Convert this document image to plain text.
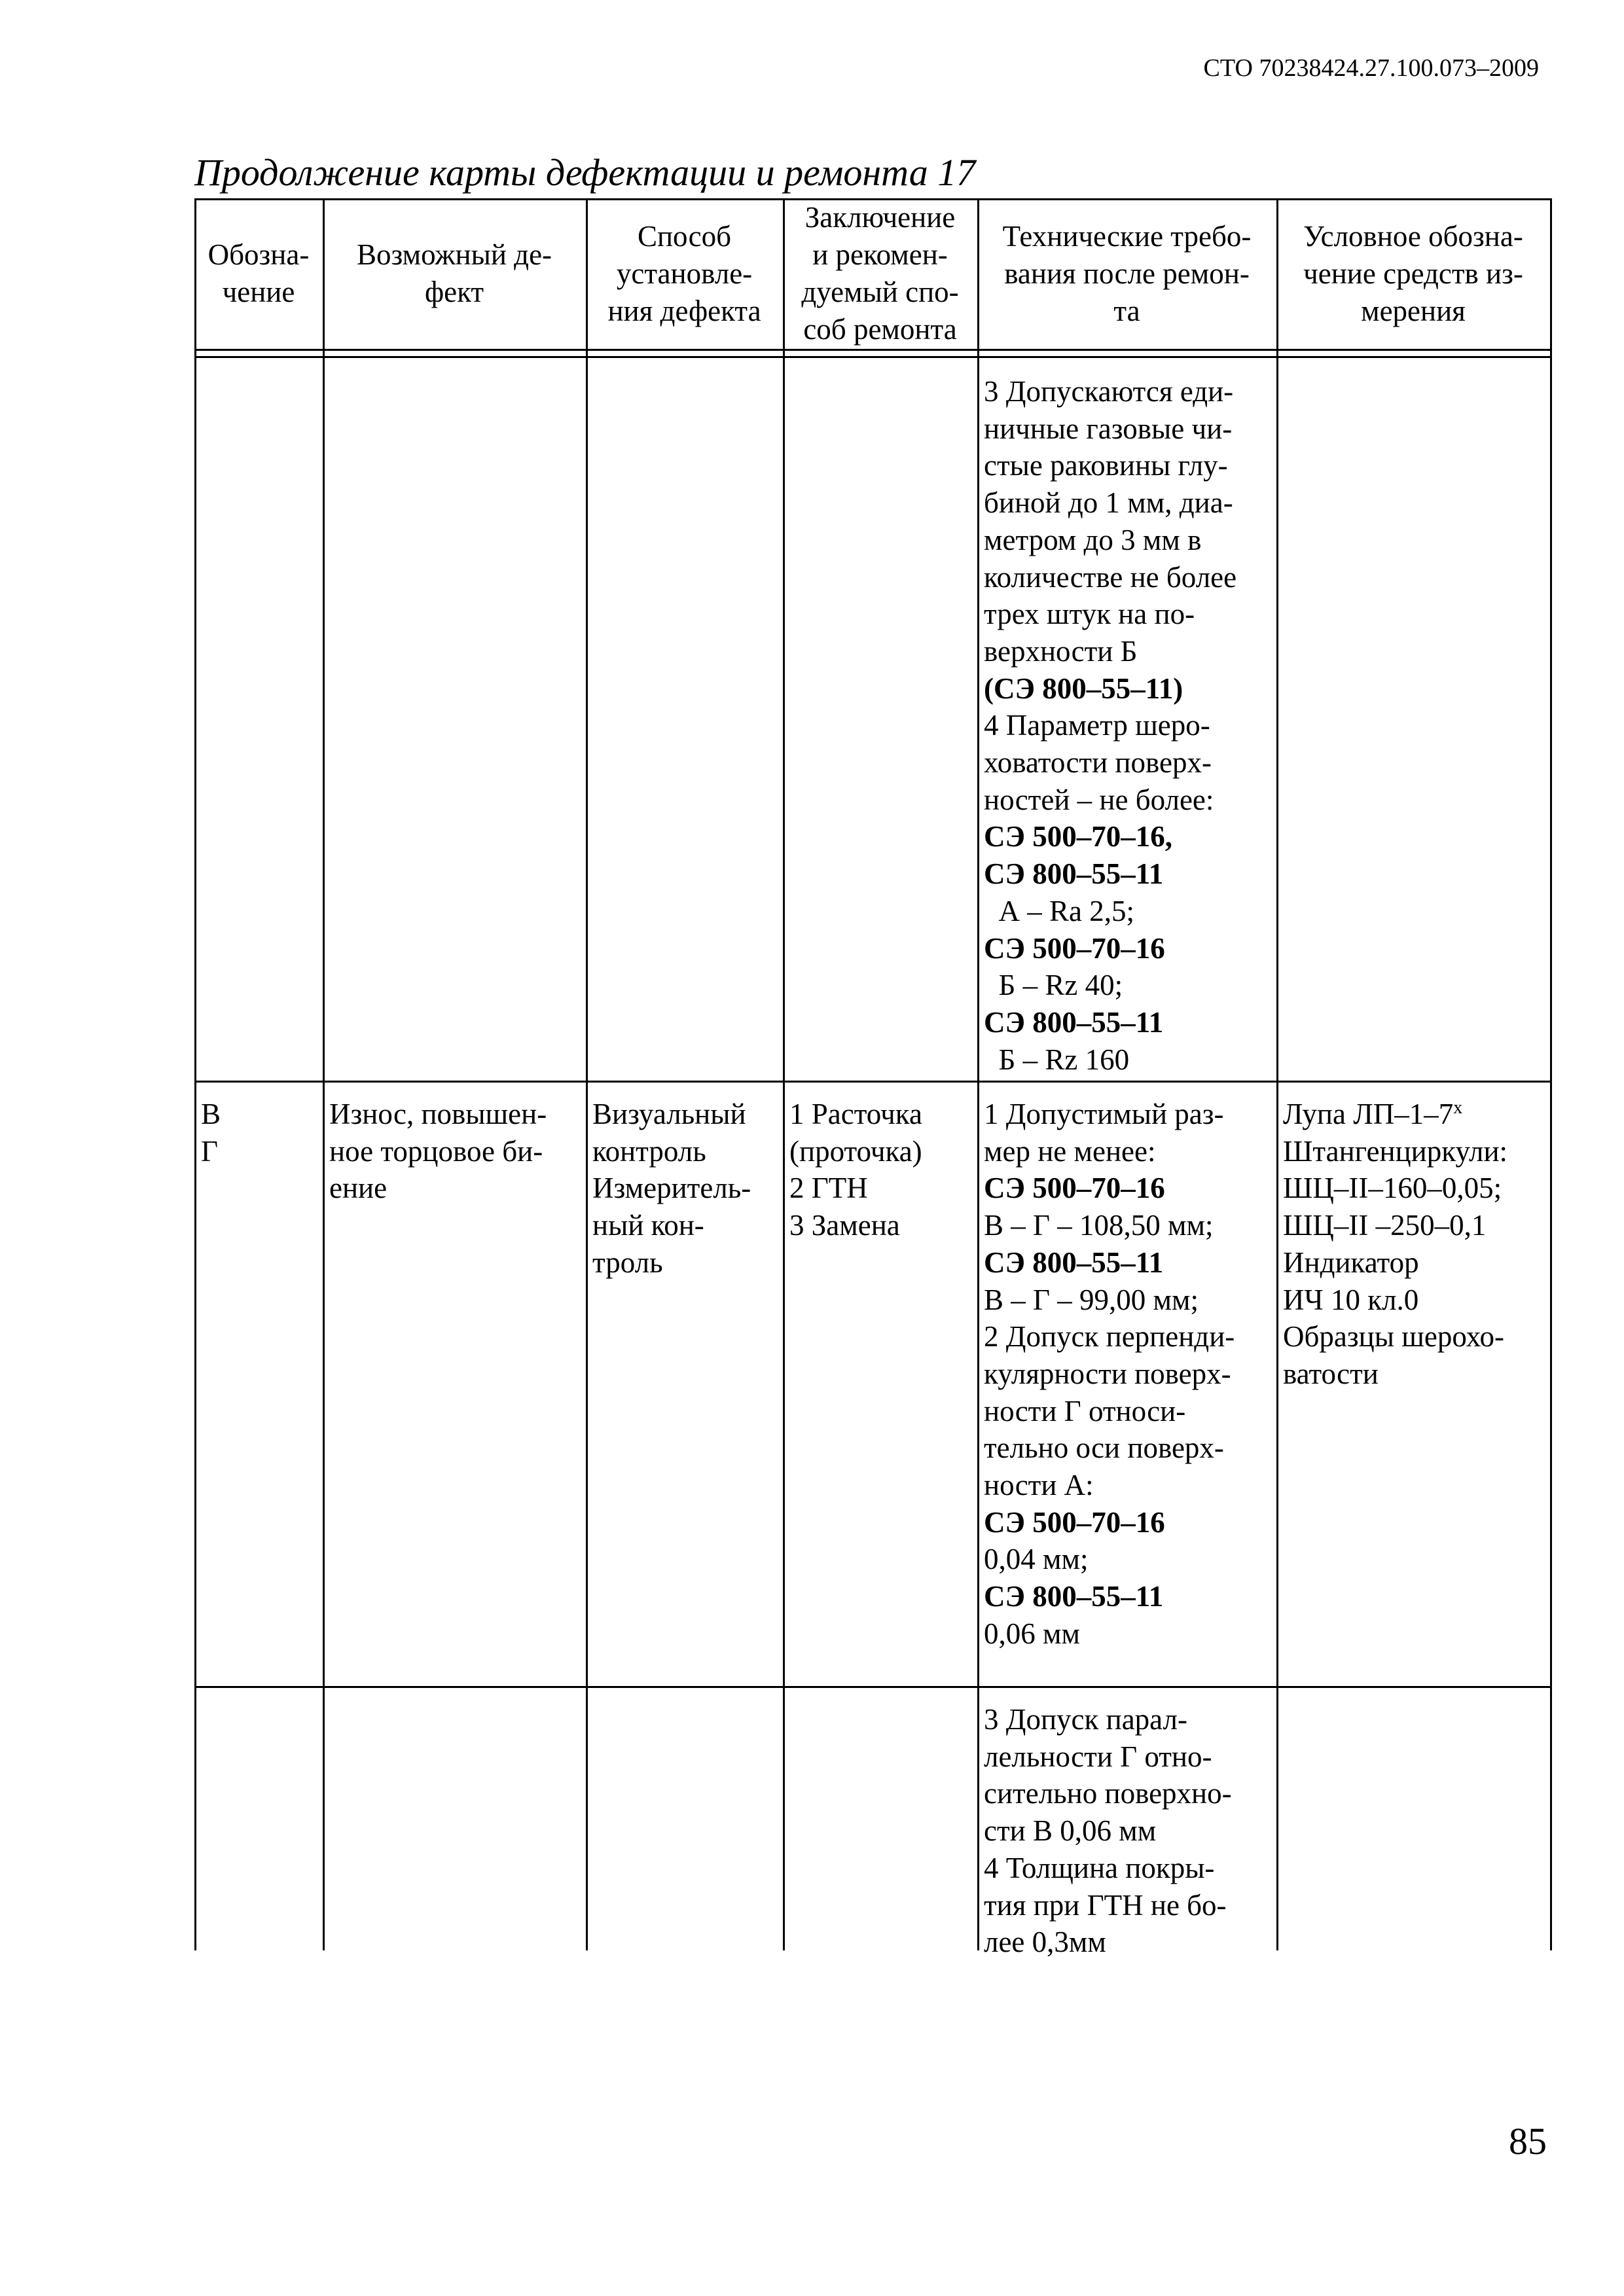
СТО 70238424.27.100.073–2009
Продолжение карты дефектации и ремонта 17
Обозна-
чение
Возможный де-
фект
Способ
установле-
ния дефекта
Заключение
и рекомен-
дуемый спо-
соб ремонта
Технические требо-
вания после ремон-
та
Условное обозна-
чение средств из-
мерения
3 Допускаются еди-
ничные газовые чи-
стые раковины глу-
биной до 1 мм, диа-
метром до 3 мм в
количестве не более
трех штук на по-
верхности Б
(СЭ 800–55–11)
4 Параметр шеро-
ховатости поверх-
ностей – не более:
СЭ 500–70–16,
СЭ 800–55–11
А – Ra 2,5;
СЭ 500–70–16
Б – Rz 40;
СЭ 800–55–11
Б – Rz 160
В
Г
Износ, повышен-
ное торцовое би-
ение
Визуальный
контроль
Измеритель-
ный кон-
троль
1 Расточка
(проточка)
2 ГТН
3 Замена
1 Допустимый раз-
мер не менее:
СЭ 500–70–16
В – Г – 108,50 мм;
СЭ 800–55–11
В – Г – 99,00 мм;
2 Допуск перпенди-
кулярности поверх-
ности Г относи-
тельно оси поверх-
ности А:
СЭ 500–70–16
0,04 мм;
СЭ 800–55–11
0,06 мм
Лупа $ЛП-1-7^х$
Штангенциркули:
ШЦ–II–160–0,05;
ШЦ–II –250–0,1
Индикатор
ИЧ 10 кл.0
Образцы шерохо-
ватости
3 Допуск парал-
лельности Г отно-
сительно поверхно-
сти В 0,06 мм
4 Толщина покры-
тия при ГТН не бо-
лее 0,3мм
85
